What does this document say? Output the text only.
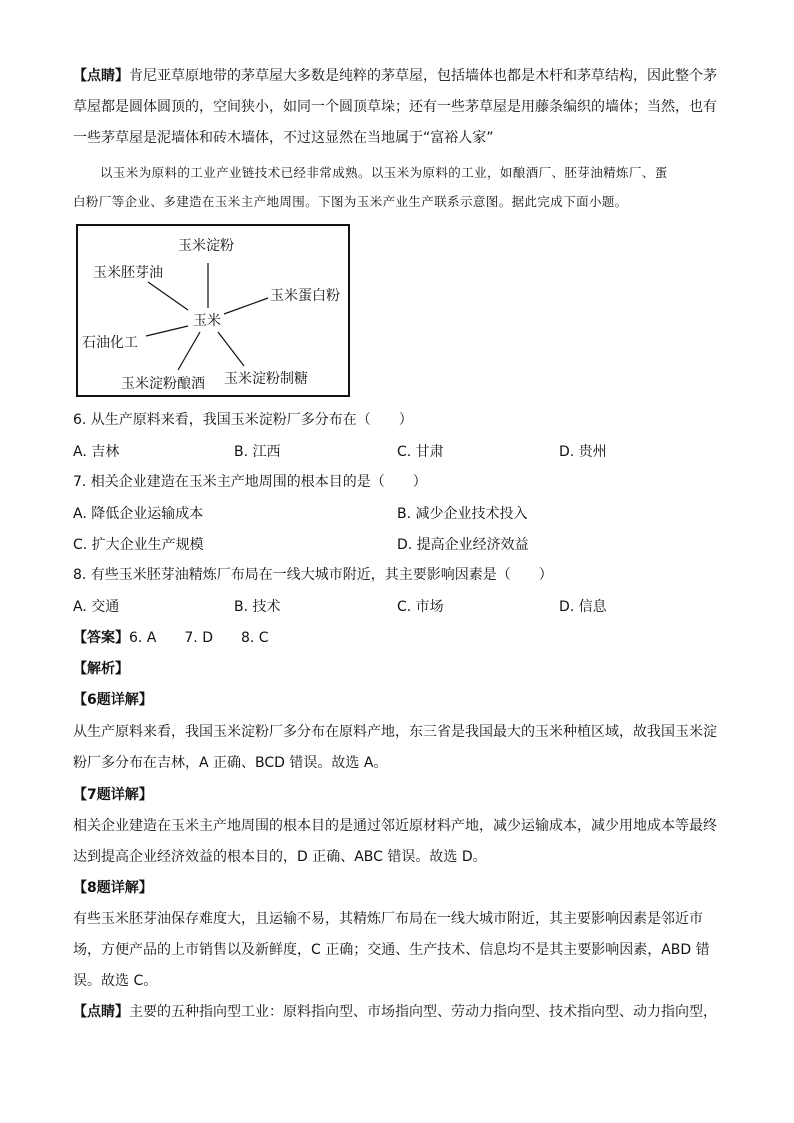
【点睛】肯尼亚草原地带的茅草屋大多数是纯粹的茅草屋，包括墙体也都是木杆和茅草结构，因此整个茅
草屋都是圆体圆顶的，空间狭小，如同一个圆顶草垛；还有一些茅草屋是用藤条编织的墙体；当然，也有
一些茅草屋是泥墙体和砖木墙体，不过这显然在当地属于“富裕人家”
以玉米为原料的工业产业链技术已经非常成熟。以玉米为原料的工业，如酿酒厂、胚芽油精炼厂、蛋
白粉厂等企业、多建造在玉米主产地周围。下图为玉米产业生产联系示意图。据此完成下面小题。
玉米淀粉
玉米胚芽油
玉米蛋白粉
玉米
石油化工
玉米淀粉酿酒 玉米淀粉制糖
6. 从生产原料来看，我国玉米淀粉厂多分布在（　　）
A. 吉林	B. 江西	C. 甘肃	D. 贵州
7. 相关企业建造在玉米主产地周围的根本目的是（　　）
A. 降低企业运输成本	B. 减少企业技术投入
C. 扩大企业生产规模	D. 提高企业经济效益
8. 有些玉米胚芽油精炼厂布局在一线大城市附近，其主要影响因素是（　　）
A. 交通	B. 技术	C. 市场	D. 信息
【答案】6. A　　7. D　　8. C
【解析】
【6题详解】
从生产原料来看，我国玉米淀粉厂多分布在原料产地，东三省是我国最大的玉米种植区域，故我国玉米淀
粉厂多分布在吉林，A 正确、BCD 错误。故选 A。
【7题详解】
相关企业建造在玉米主产地周围的根本目的是通过邻近原材料产地，减少运输成本，减少用地成本等最终
达到提高企业经济效益的根本目的，D 正确、ABC 错误。故选 D。
【8题详解】
有些玉米胚芽油保存难度大，且运输不易，其精炼厂布局在一线大城市附近，其主要影响因素是邻近市
场，方便产品的上市销售以及新鲜度，C 正确；交通、生产技术、信息均不是其主要影响因素，ABD 错
误。故选 C。
【点睛】主要的五种指向型工业：原料指向型、市场指向型、劳动力指向型、技术指向型、动力指向型，
